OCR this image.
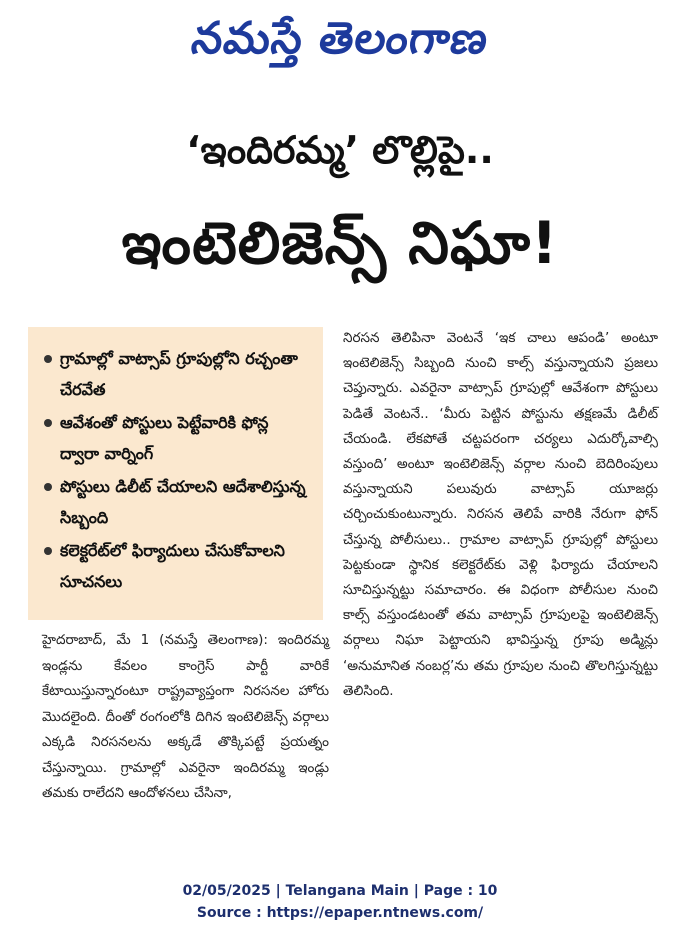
నమస్తే తెలంగాణ
‘ఇందిరమ్మ’ లొల్లిపై..
ఇంటెలిజెన్స్ నిఘా!
గ్రామాల్లో వాట్సాప్ గ్రూపుల్లోని రచ్చంతా చేరవేత
ఆవేశంతో పోస్టులు పెట్టేవారికి ఫోన్ల ద్వారా వార్నింగ్
పోస్టులు డిలీట్ చేయాలని ఆదేశాలిస్తున్న సిబ్బంది
కలెక్టరేట్‌లో ఫిర్యాదులు చేసుకోవాలని సూచనలు

హైదరాబాద్, మే 1 (నమస్తే తెలంగాణ): ఇందిరమ్మ ఇండ్లను కేవలం కాంగ్రెస్ పార్టీ వారికే కేటాయిస్తున్నారంటూ రాష్ట్రవ్యాప్తంగా నిరసనల హోరు మొదలైంది. దీంతో రంగంలోకి దిగిన ఇంటెలిజెన్స్ వర్గాలు ఎక్కడి నిరసనలను అక్కడే తొక్కిపట్టే ప్రయత్నం చేస్తున్నాయి. గ్రామాల్లో ఎవరైనా ఇందిరమ్మ ఇండ్లు తమకు రాలేదని ఆందోళనలు చేసినా,

నిరసన తెలిపినా వెంటనే ‘ఇక చాలు ఆపండి’ అంటూ ఇంటెలిజెన్స్ సిబ్బంది నుంచి కాల్స్ వస్తున్నాయని ప్రజలు చెప్తున్నారు. ఎవరైనా వాట్సాప్ గ్రూపుల్లో ఆవేశంగా పోస్టులు పెడితే వెంటనే.. ‘మీరు పెట్టిన పోస్టును తక్షణమే డిలీట్ చేయండి. లేకపోతే చట్టపరంగా చర్యలు ఎదుర్కోవాల్సి వస్తుంది’ అంటూ ఇంటెలిజెన్స్ వర్గాల నుంచి బెదిరింపులు వస్తున్నాయని పలువురు వాట్సాప్ యూజర్లు చర్చించుకుంటున్నారు. నిరసన తెలిపే వారికి నేరుగా ఫోన్ చేస్తున్న పోలీసులు.. గ్రామాల వాట్సాప్ గ్రూపుల్లో పోస్టులు పెట్టకుండా స్థానిక కలెక్టరేట్‌కు వెళ్లి ఫిర్యాదు చేయాలని సూచిస్తున్నట్టు సమాచారం. ఈ విధంగా పోలీసుల నుంచి కాల్స్ వస్తుండటంతో తమ వాట్సాప్ గ్రూపులపై ఇంటెలిజెన్స్ వర్గాలు నిఘా పెట్టాయని భావిస్తున్న గ్రూపు అడ్మిన్లు ‘అనుమానిత నంబర్ల’ను తమ గ్రూపుల నుంచి తొలగిస్తున్నట్టు తెలిసింది.

02/05/2025 | Telangana Main | Page : 10
Source : https://epaper.ntnews.com/
